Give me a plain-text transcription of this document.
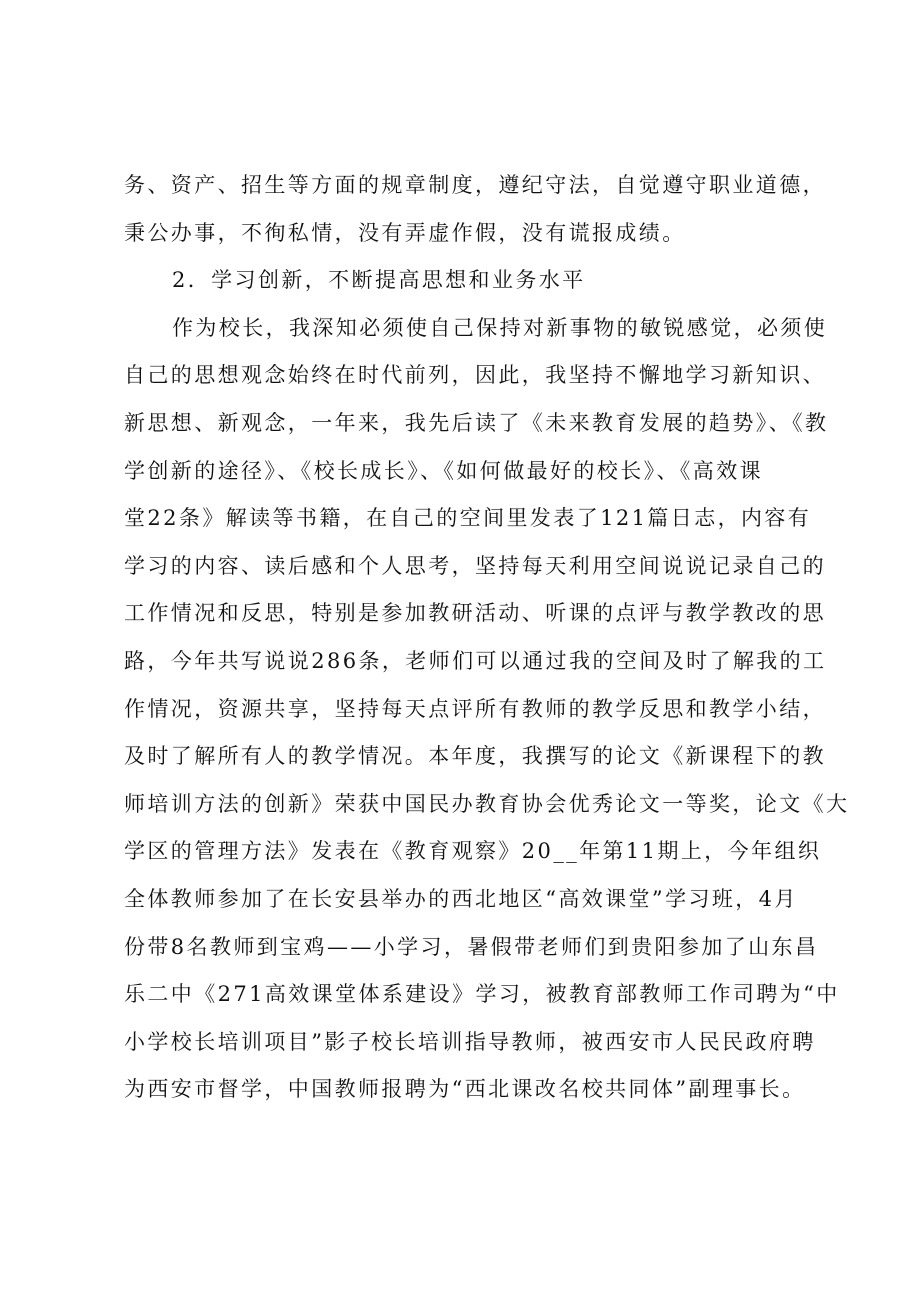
务、资产、招生等方面的规章制度，遵纪守法，自觉遵守职业道德，
秉公办事，不徇私情，没有弄虚作假，没有谎报成绩。
2．学习创新，不断提高思想和业务水平
作为校长，我深知必须使自己保持对新事物的敏锐感觉，必须使
自己的思想观念始终在时代前列，因此，我坚持不懈地学习新知识、
新思想、新观念，一年来，我先后读了《未来教育发展的趋势》、《教
学创新的途径》、《校长成长》、《如何做最好的校长》、《高效课
堂22条》解读等书籍，在自己的空间里发表了121篇日志，内容有
学习的内容、读后感和个人思考，坚持每天利用空间说说记录自己的
工作情况和反思，特别是参加教研活动、听课的点评与教学教改的思
路，今年共写说说286条，老师们可以通过我的空间及时了解我的工
作情况，资源共享，坚持每天点评所有教师的教学反思和教学小结，
及时了解所有人的教学情况。本年度，我撰写的论文《新课程下的教
师培训方法的创新》荣获中国民办教育协会优秀论文一等奖，论文《大
学区的管理方法》发表在《教育观察》20__年第11期上，今年组织
全体教师参加了在长安县举办的西北地区“高效课堂”学习班，4月
份带8名教师到宝鸡——小学习，暑假带老师们到贵阳参加了山东昌
乐二中《271高效课堂体系建设》学习，被教育部教师工作司聘为“中
小学校长培训项目”影子校长培训指导教师，被西安市人民民政府聘
为西安市督学，中国教师报聘为“西北课改名校共同体”副理事长。
